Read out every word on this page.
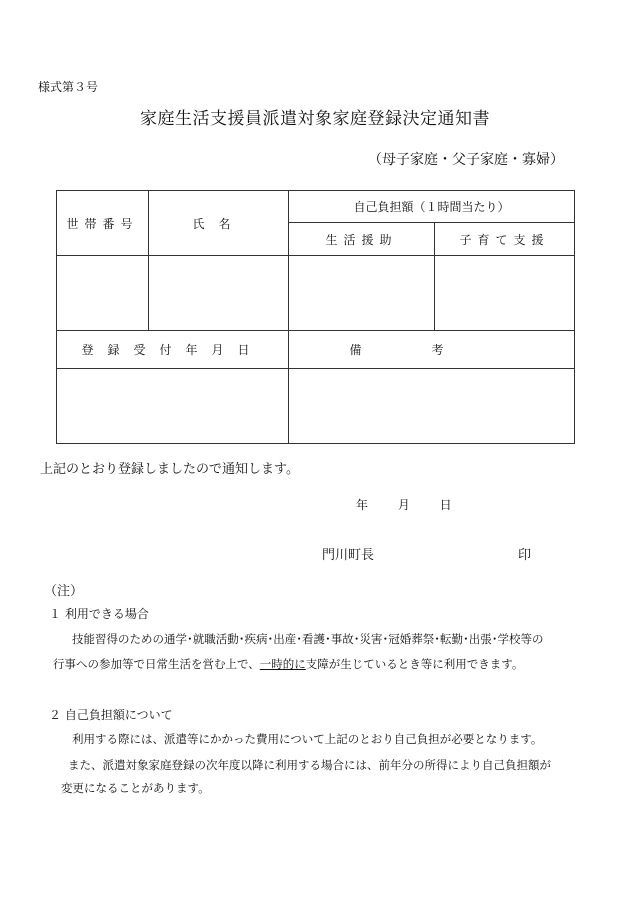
様式第３号
家庭生活支援員派遣対象家庭登録決定通知書
（母子家庭・父子家庭・寡婦）
世帯番号	氏名	自己負担額（１時間当たり）	
		生活援助	子育て支援

登録受付年月日		備考	

上記のとおり登録しましたので通知します。
年 月 日
門川町長	印
（注）
１ 利用できる場合
技能習得のための通学･就職活動･疾病･出産･看護･事故･災害･冠婚葬祭･転勤･出張･学校等の
行事への参加等で日常生活を営む上で、一時的に支障が生じているとき等に利用できます。
２ 自己負担額について
利用する際には、派遣等にかかった費用について上記のとおり自己負担が必要となります。
また、派遣対象家庭登録の次年度以降に利用する場合には、前年分の所得により自己負担額が
変更になることがあります。
